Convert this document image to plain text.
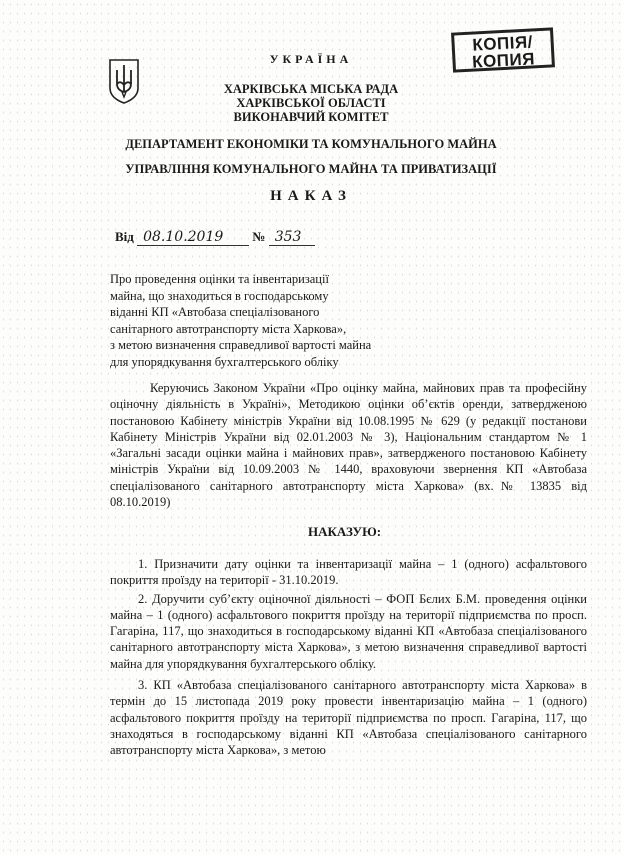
КОПІЯ/
КОПИЯ
УКРАЇНА
ХАРКІВСЬКА МІСЬКА РАДА
ХАРКІВСЬКОЇ ОБЛАСТІ
ВИКОНАВЧИЙ КОМІТЕТ
ДЕПАРТАМЕНТ ЕКОНОМІКИ ТА КОМУНАЛЬНОГО МАЙНА
УПРАВЛІННЯ КОМУНАЛЬНОГО МАЙНА ТА ПРИВАТИЗАЦІЇ
НАКАЗ
Від 08.10.2019 № 353
Про проведення оцінки та інвентаризації
майна, що знаходиться в господарському
віданні КП «Автобаза спеціалізованого
санітарного автотранспорту міста Харкова»,
з метою визначення справедливої вартості майна
для упорядкування бухгалтерського обліку

Керуючись Законом України «Про оцінку майна, майнових прав та професійну оціночну діяльність в Україні», Методикою оцінки об’єктів оренди, затвердженою постановою Кабінету міністрів України від 10.08.1995 № 629 (у редакції постанови Кабінету Міністрів України від 02.01.2003 № 3), Національним стандартом № 1 «Загальні засади оцінки майна і майнових прав», затвердженого постановою Кабінету міністрів України від 10.09.2003 № 1440, враховуючи звернення КП «Автобаза спеціалізованого санітарного автотранспорту міста Харкова» (вх.№ 13835 від 08.10.2019)

НАКАЗУЮ:

1. Призначити дату оцінки та інвентаризації майна – 1 (одного) асфальтового покриття проїзду на території - 31.10.2019.

2. Доручити суб’єкту оціночної діяльності – ФОП Бєлих Б.М. проведення оцінки майна – 1 (одного) асфальтового покриття проїзду на території підприємства по просп. Гагаріна, 117, що знаходиться в господарському віданні КП «Автобаза спеціалізованого санітарного автотранспорту міста Харкова», з метою визначення справедливої вартості майна для упорядкування бухгалтерського обліку.

3. КП «Автобаза спеціалізованого санітарного автотранспорту міста Харкова» в термін до 15 листопада 2019 року провести інвентаризацію майна – 1 (одного) асфальтового покриття проїзду на території підприємства по просп. Гагаріна, 117, що знаходяться в господарському віданні КП «Автобаза спеціалізованого санітарного автотранспорту міста Харкова», з метою
